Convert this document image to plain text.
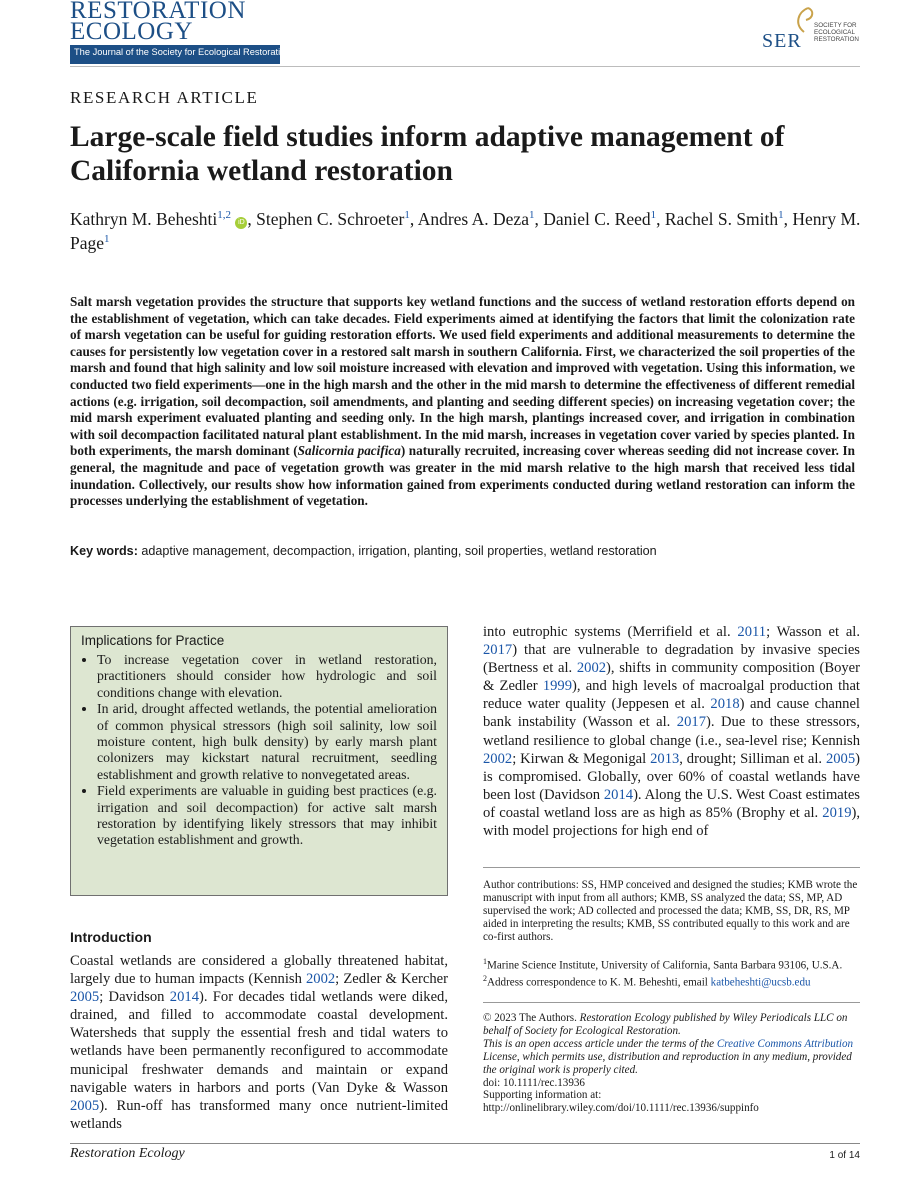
RESTORATION
ECOLOGY
The Journal of the Society for Ecological Restoration	SER
SOCIETY FOR ECOLOGICAL RESTORATION
RESEARCH ARTICLE
Large-scale field studies inform adaptive management of California wetland restoration
Kathryn M. Beheshti$^{1,2}$ iD , Stephen C. Schroeter$^1$, Andres A. Deza$^1$, Daniel C. Reed$^1$, Rachel S. Smith$^1$, Henry M. Page$^1$
Salt marsh vegetation provides the structure that supports key wetland functions and the success of wetland restoration efforts depend on the establishment of vegetation, which can take decades. Field experiments aimed at identifying the factors that limit the colonization rate of marsh vegetation can be useful for guiding restoration efforts. We used field experiments and additional measurements to determine the causes for persistently low vegetation cover in a restored salt marsh in southern California. First, we characterized the soil properties of the marsh and found that high salinity and low soil moisture increased with elevation and improved with vegetation. Using this information, we conducted two field experiments—one in the high marsh and the other in the mid marsh to determine the effectiveness of different remedial actions (e.g. irrigation, soil decompaction, soil amendments, and planting and seeding different species) on increasing vegetation cover; the mid marsh experiment evaluated planting and seeding only. In the high marsh, plantings increased cover, and irrigation in combination with soil decompaction facilitated natural plant establishment. In the mid marsh, increases in vegetation cover varied by species planted. In both experiments, the marsh dominant (Salicornia pacifica) naturally recruited, increasing cover whereas seeding did not increase cover. In general, the magnitude and pace of vegetation growth was greater in the mid marsh relative to the high marsh that received less tidal inundation. Collectively, our results show how information gained from experiments conducted during wetland restoration can inform the processes underlying the establishment of vegetation.
Key words: adaptive management, decompaction, irrigation, planting, soil properties, wetland restoration
Implications for Practice
• To increase vegetation cover in wetland restoration, practitioners should consider how hydrologic and soil conditions change with elevation.
• In arid, drought affected wetlands, the potential amelioration of common physical stressors (high soil salinity, low soil moisture content, high bulk density) by early marsh plant colonizers may kickstart natural recruitment, seedling establishment and growth relative to nonvegetated areas.
• Field experiments are valuable in guiding best practices (e.g. irrigation and soil decompaction) for active salt marsh restoration by identifying likely stressors that may inhibit vegetation establishment and growth.
Introduction
Coastal wetlands are considered a globally threatened habitat, largely due to human impacts (Kennish 2002; Zedler & Kercher 2005; Davidson 2014). For decades tidal wetlands were diked, drained, and filled to accommodate coastal development. Watersheds that supply the essential fresh and tidal waters to wetlands have been permanently reconfigured to accommodate municipal freshwater demands and maintain or expand navigable waters in harbors and ports (Van Dyke & Wasson 2005). Run-off has transformed many once nutrient-limited wetlands
into eutrophic systems (Merrifield et al. 2011; Wasson et al. 2017) that are vulnerable to degradation by invasive species (Bertness et al. 2002), shifts in community composition (Boyer & Zedler 1999), and high levels of macroalgal production that reduce water quality (Jeppesen et al. 2018) and cause channel bank instability (Wasson et al. 2017). Due to these stressors, wetland resilience to global change (i.e., sea-level rise; Kennish 2002; Kirwan & Megonigal 2013, drought; Silliman et al. 2005) is compromised. Globally, over 60% of coastal wetlands have been lost (Davidson 2014). Along the U.S. West Coast estimates of coastal wetland loss are as high as 85% (Brophy et al. 2019), with model projections for high end of
Author contributions: SS, HMP conceived and designed the studies; KMB wrote the manuscript with input from all authors; KMB, SS analyzed the data; SS, MP, AD supervised the work; AD collected and processed the data; KMB, SS, DR, RS, MP aided in interpreting the results; KMB, SS contributed equally to this work and are co-first authors.
$^1$Marine Science Institute, University of California, Santa Barbara 93106, U.S.A.
$^2$Address correspondence to K. M. Beheshti, email katbeheshti@ucsb.edu
© 2023 The Authors. Restoration Ecology published by Wiley Periodicals LLC on behalf of Society for Ecological Restoration.
This is an open access article under the terms of the Creative Commons Attribution License, which permits use, distribution and reproduction in any medium, provided the original work is properly cited.
doi: 10.1111/rec.13936
Supporting information at:
http://onlinelibrary.wiley.com/doi/10.1111/rec.13936/suppinfo
Restoration Ecology	1 of 14
